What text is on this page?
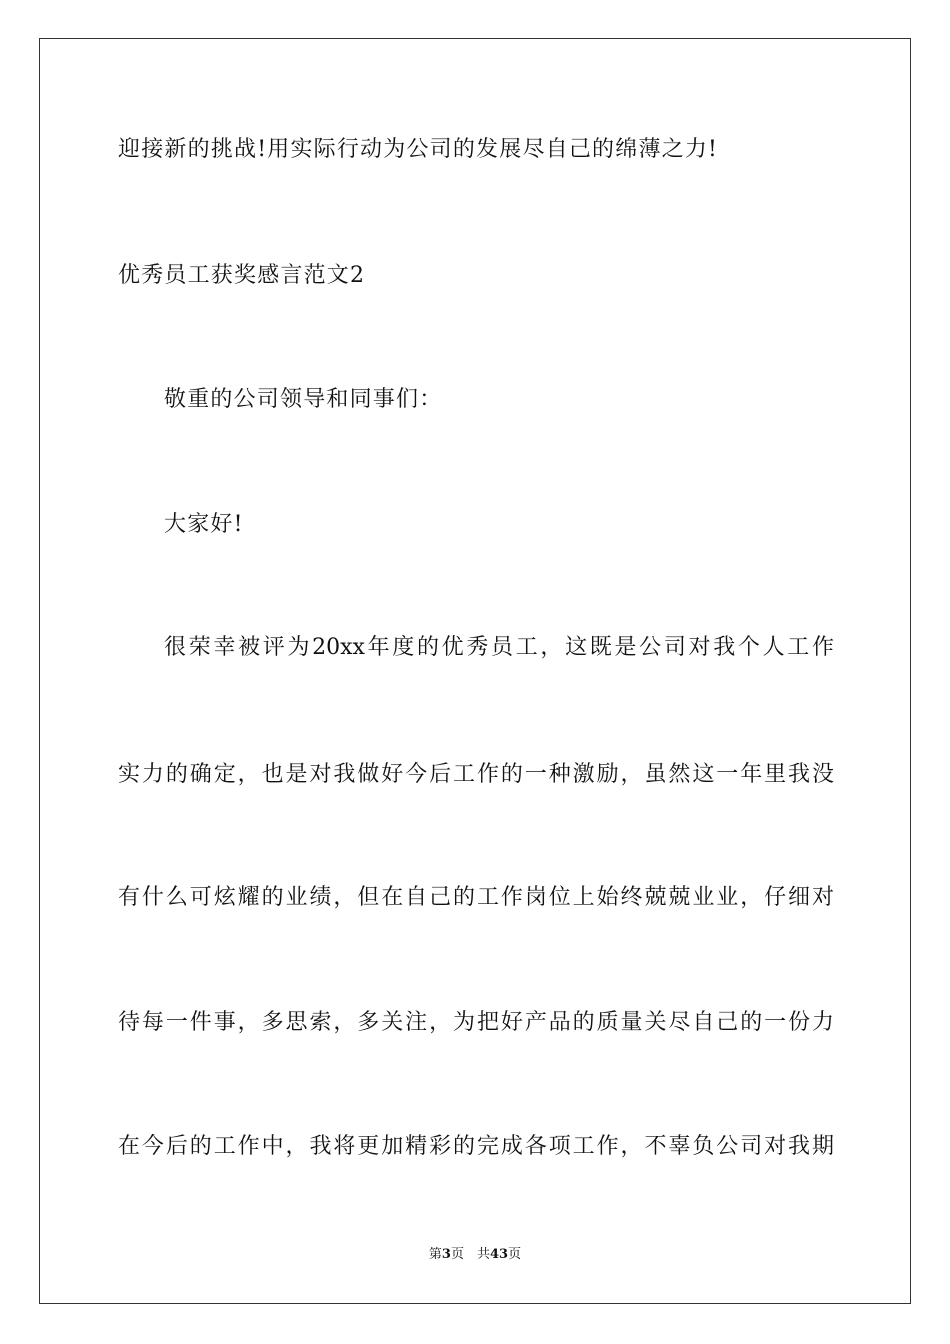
迎接新的挑战!用实际行动为公司的发展尽自己的绵薄之力!
优秀员工获奖感言范文2
敬重的公司领导和同事们：
大家好!
很荣幸被评为20xx年度的优秀员工，这既是公司对我个人工作
实力的确定，也是对我做好今后工作的一种激励，虽然这一年里我没
有什么可炫耀的业绩，但在自己的工作岗位上始终兢兢业业，仔细对
待每一件事，多思索，多关注，为把好产品的质量关尽自己的一份力
在今后的工作中，我将更加精彩的完成各项工作，不辜负公司对我期
第3页　共43页
